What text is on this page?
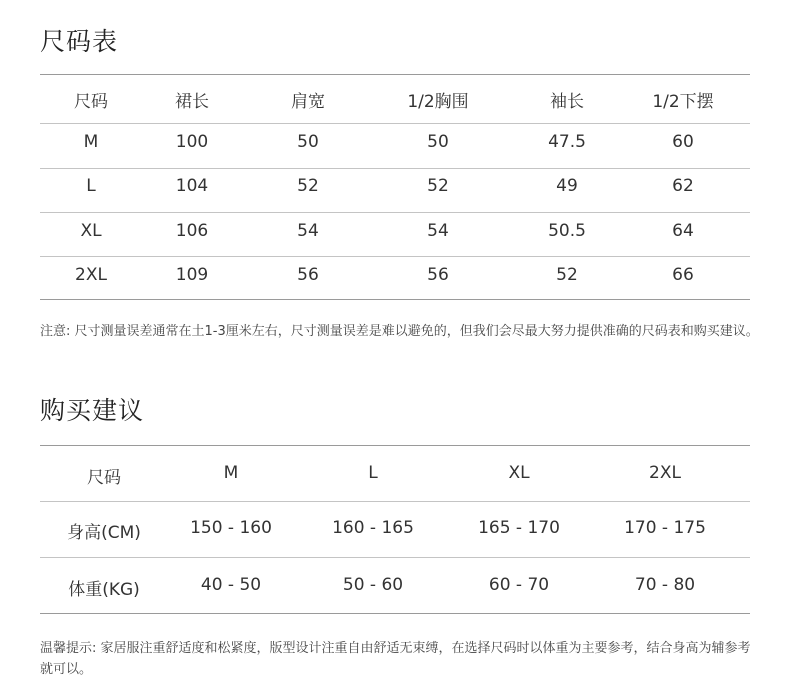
尺码表
尺码	裙长	肩宽	1/2胸围	袖长	1/2下摆
M	100	50	50	47.5	60
L	104	52	52	49	62
XL	106	54	54	50.5	64
2XL	109	56	56	52	66

注意: 尺寸测量误差通常在土1-3厘米左右，尺寸测量误差是难以避免的，但我们会尽最大努力提供准确的尺码表和购买建议。

购买建议
尺码	M	L	XL	2XL
身高(CM)	150 - 160	160 - 165	165 - 170	170 - 175
体重(KG)	40 - 50	50 - 60	60 - 70	70 - 80

温馨提示: 家居服注重舒适度和松紧度，版型设计注重自由舒适无束缚，在选择尺码时以体重为主要参考，结合身高为辅参考就可以。
